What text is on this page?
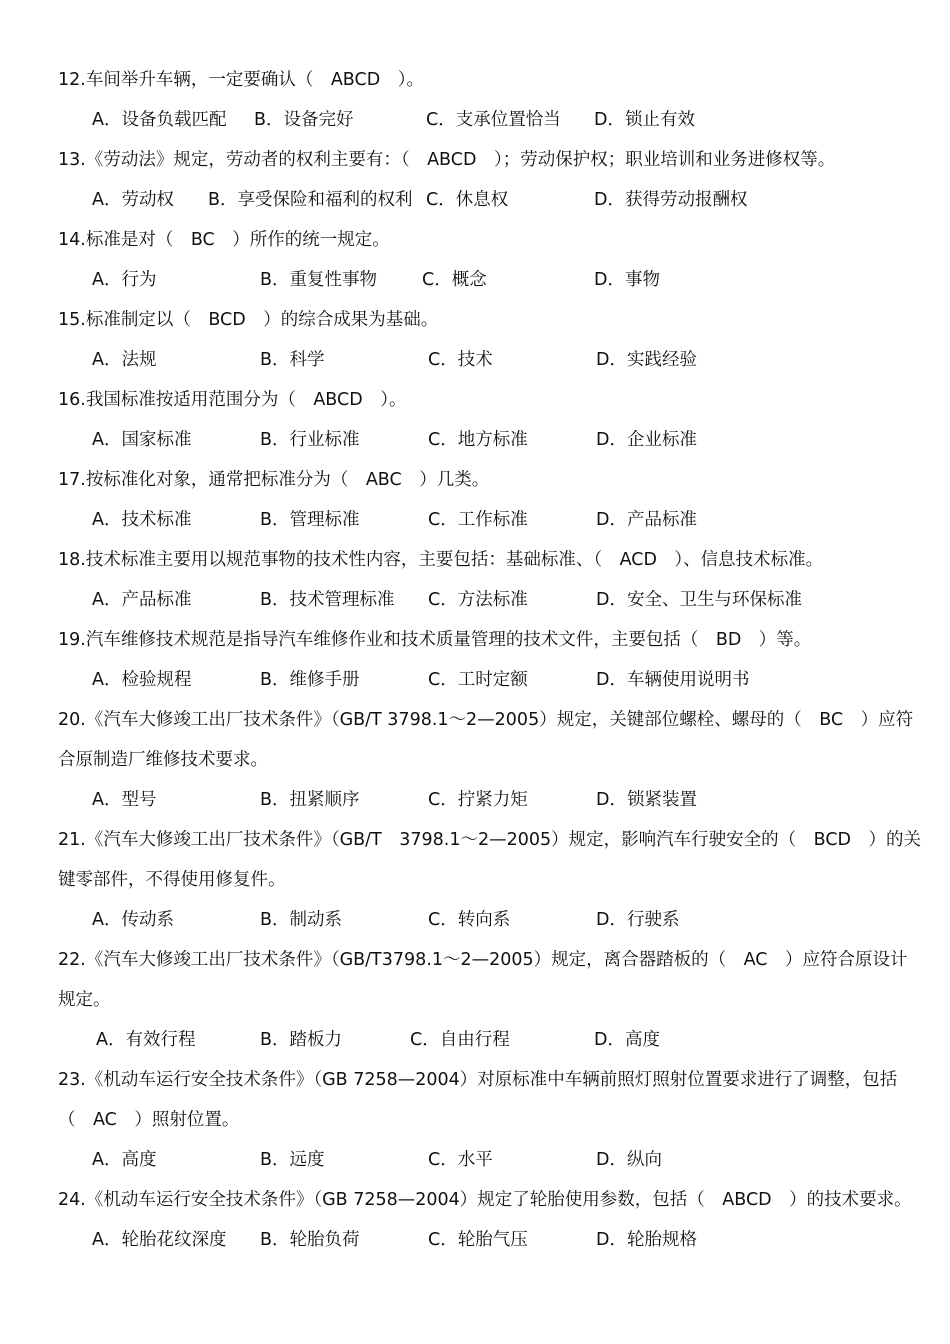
12.车间举升车辆，一定要确认（　ABCD　）。
A．设备负载匹配	B．设备完好	C．支承位置恰当	D．锁止有效
13.《劳动法》规定，劳动者的权利主要有：（　ABCD　）；劳动保护权；职业培训和业务进修权等。
A．劳动权	B．享受保险和福利的权利 C．休息权	D．获得劳动报酬权
14.标准是对（　BC　）所作的统一规定。
A．行为	B．重复性事物	C．概念	D．事物
15.标准制定以（　BCD　）的综合成果为基础。
A．法规	B．科学	C．技术	D．实践经验
16.我国标准按适用范围分为（　ABCD　）。
A．国家标准	B．行业标准	C．地方标准	D．企业标准
17.按标准化对象，通常把标准分为（　ABC　）几类。
A．技术标准	B．管理标准	C．工作标准	D．产品标准
18.技术标准主要用以规范事物的技术性内容，主要包括：基础标准、（　ACD　）、信息技术标准。
A．产品标准	B．技术管理标准	C．方法标准	D．安全、卫生与环保标准
19.汽车维修技术规范是指导汽车维修作业和技术质量管理的技术文件，主要包括（　BD　）等。
A．检验规程	B．维修手册	C．工时定额	D．车辆使用说明书
20.《汽车大修竣工出厂技术条件》（GB/T 3798.1～2—2005）规定，关键部位螺栓、螺母的（　BC　）应符
合原制造厂维修技术要求。
A．型号	B．扭紧顺序	C．拧紧力矩	D．锁紧装置
21.《汽车大修竣工出厂技术条件》（GB/T　3798.1～2—2005）规定，影响汽车行驶安全的（　BCD　）的关
键零部件，不得使用修复件。
A．传动系	B．制动系	C．转向系	D．行驶系
22.《汽车大修竣工出厂技术条件》（GB/T3798.1～2—2005）规定，离合器踏板的（　AC　）应符合原设计
规定。
A．有效行程	B．踏板力	C．自由行程	D．高度
23.《机动车运行安全技术条件》（GB 7258—2004）对原标准中车辆前照灯照射位置要求进行了调整，包括
（　AC　）照射位置。
A．高度	B．远度	C．水平	D．纵向
24.《机动车运行安全技术条件》（GB 7258—2004）规定了轮胎使用参数，包括（　ABCD　）的技术要求。
A．轮胎花纹深度	B．轮胎负荷	C．轮胎气压	D．轮胎规格
